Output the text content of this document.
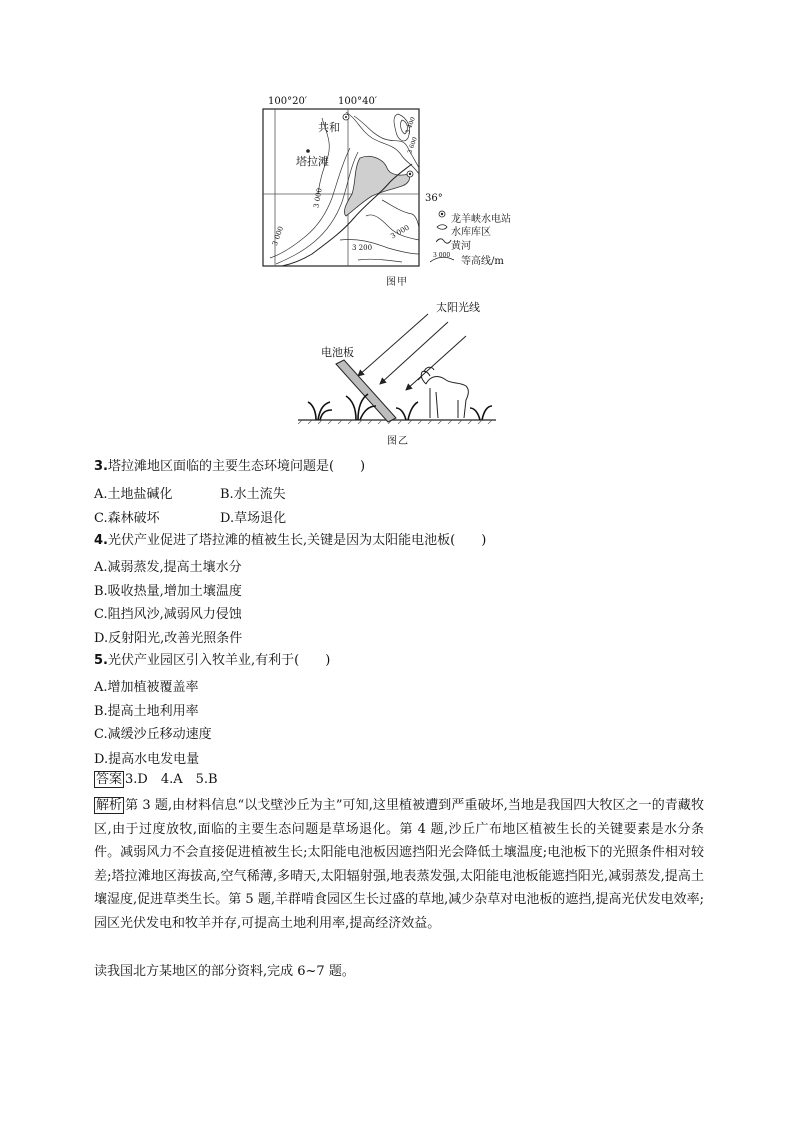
100°20′	100°40′
共和
塔拉滩
36°
3 000
3 000
3 200
3 000
3 400
3 600
龙羊峡水电站
水库库区
黄河
3 000
等高线/m
图甲
太阳光线
电池板
图乙
3.塔拉滩地区面临的主要生态环境问题是(　　)
A.土地盐碱化	B.水土流失
C.森林破坏	D.草场退化
4.光伏产业促进了塔拉滩的植被生长,关键是因为太阳能电池板(　　)
A.减弱蒸发,提高土壤水分
B.吸收热量,增加土壤温度
C.阻挡风沙,减弱风力侵蚀
D.反射阳光,改善光照条件
5.光伏产业园区引入牧羊业,有利于(　　)
A.增加植被覆盖率
B.提高土地利用率
C.减缓沙丘移动速度
D.提高水电发电量
答案 3.D　4.A　5.B
解析 第 3 题,由材料信息“以戈壁沙丘为主”可知,这里植被遭到严重破坏,当地是我国四大牧区之一的青藏牧区,由于过度放牧,面临的主要生态问题是草场退化。第 4 题,沙丘广布地区植被生长的关键要素是水分条件。减弱风力不会直接促进植被生长;太阳能电池板因遮挡阳光会降低土壤温度;电池板下的光照条件相对较差;塔拉滩地区海拔高,空气稀薄,多晴天,太阳辐射强,地表蒸发强,太阳能电池板能遮挡阳光,减弱蒸发,提高土壤湿度,促进草类生长。第 5 题,羊群啃食园区生长过盛的草地,减少杂草对电池板的遮挡,提高光伏发电效率;园区光伏发电和牧羊并存,可提高土地利用率,提高经济效益。
读我国北方某地区的部分资料,完成 6~7 题。
